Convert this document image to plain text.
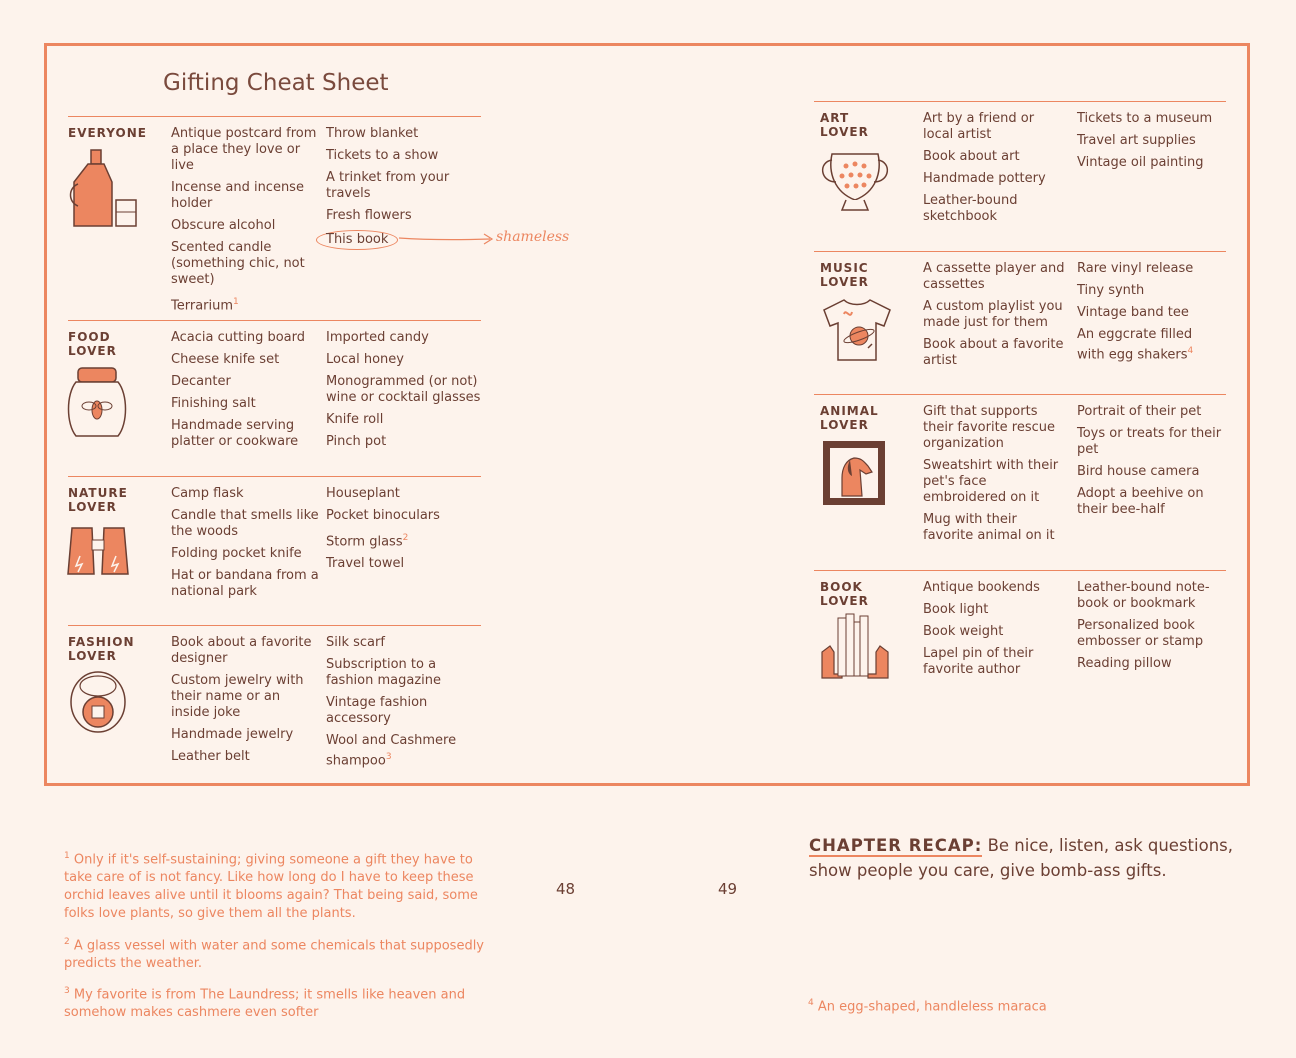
Gifting Cheat Sheet
EVERYONE Antique postcard from a place they love or live
Incense and incense holder
Obscure alcohol
Scented candle (something chic, not sweet)
Terrarium$^1$
Throw blanket
Tickets to a show
A trinket from your travels
Fresh flowers
This book	shameless
FOOD LOVER
Acacia cutting board
Cheese knife set
Decanter
Finishing salt
Handmade serving platter or cookware
Imported candy
Local honey
Monogrammed (or not) wine or cocktail glasses
Knife roll
Pinch pot
NATURE LOVER
Camp flask
Candle that smells like the woods
Folding pocket knife
Hat or bandana from a national park
Houseplant
Pocket binoculars
Storm glass$^2$
Travel towel
FASHION LOVER
Book about a favorite designer
Custom jewelry with their name or an inside joke
Handmade jewelry
Leather belt
Silk scarf
Subscription to a fashion magazine
Vintage fashion accessory
Wool and Cashmere shampoo$^3$
ART LOVER
Art by a friend or local artist
Book about art
Handmade pottery
Leather-bound sketchbook
Tickets to a museum
Travel art supplies
Vintage oil painting
MUSIC LOVER
A cassette player and cassettes
A custom playlist you made just for them
Book about a favorite artist
Rare vinyl release
Tiny synth
Vintage band tee
An eggcrate filled with egg shakers$^4$
ANIMAL LOVER
Gift that supports their favorite rescue organization
Sweatshirt with their pet's face embroidered on it
Mug with their favorite animal on it
Portrait of their pet
Toys or treats for their pet
Bird house camera
Adopt a beehive on their bee-half
BOOK LOVER
Antique bookends
Book light
Book weight
Lapel pin of their favorite author
Leather-bound note-book or bookmark
Personalized book embosser or stamp
Reading pillow
$^1$ Only if it's self-sustaining; giving someone a gift they have to take care of is not fancy. Like how long do I have to keep these orchid leaves alive until it blooms again? That being said, some folks love plants, so give them all the plants.
$^2$ A glass vessel with water and some chemicals that supposedly predicts the weather.
$^3$ My favorite is from The Laundress; it smells like heaven and somehow makes cashmere even softer
48	49
CHAPTER RECAP: Be nice, listen, ask questions, show people you care, give bomb-ass gifts.
$^4$ An egg-shaped, handleless maraca
